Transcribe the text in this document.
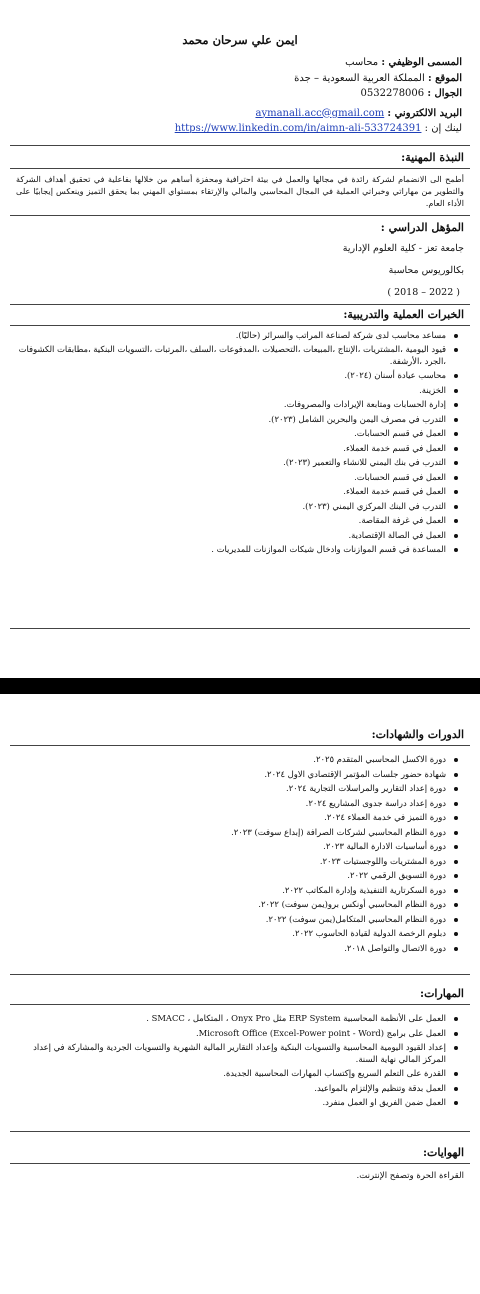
ايمن علي سرحان محمد
المسمى الوظيفي : محاسب
الموقع : المملكة العربية السعودية – جدة
الجوال : 0532278006
البريد الالكتروني : aymanali.acc@gmail.com
لينك إن : https://www.linkedin.com/in/aimn-ali-533724391
النبذة المهنية:
أطمح الى الانضمام لشركة رائدة في مجالها والعمل في بيئة احترافية ومحفزة أساهم من خلالها بفاعلية في تحقيق أهداف الشركة والتطوير من مهاراتي وخبراتي العملية في المجال المحاسبي والمالي والإرتقاء بمستواي المهني بما يحقق التميز وينعكس إيجابيًا على الأداء العام.
المؤهل الدراسي :
جامعة تعز - كلية العلوم الإدارية
بكالوريوس محاسبة
( 2022 – 2018 )
الخبرات العملية والتدريبية:
مساعد محاسب لدى شركة لصناعة المراتب والسرائر (حاليًا).
قيود اليومية ،المشتريات ،الإنتاج ،المبيعات ،التحصيلات ،المدفوعات ،السلف ،المرتبات ،التسويات البنكية ،مطابقات الكشوفات ،الجرد ،الأرشفة.
محاسب عيادة أسنان (٢٠٢٤).
الخزينة.
إدارة الحسابات ومتابعة الإيرادات والمصروفات.
التدرب في مصرف اليمن والبحرين الشامل (٢٠٢٣).
العمل في قسم الحسابات.
العمل في قسم خدمة العملاء.
التدرب في بنك اليمني للانشاء والتعمير (٢٠٢٣).
العمل في قسم الحسابات.
العمل في قسم خدمة العملاء.
التدرب في البنك المركزي اليمني (٢٠٢٣).
العمل في غرفة المقاصة.
العمل في الصالة الإقتصادية.
المساعدة في قسم الموازنات وادخال شيكات الموازنات للمديريات .
الدورات والشهادات:
دورة الاكسل المحاسبي المتقدم ٢٠٢٥.
شهادة حضور جلسات المؤتمر الإقتصادي الاول ٢٠٢٤.
دورة إعداد التقارير والمراسلات التجارية ٢٠٢٤.
دورة إعداد دراسة جدوى المشاريع ٢٠٢٤.
دورة التميز في خدمة العملاء ٢٠٢٤.
دورة النظام المحاسبي لشركات الصرافة (إبداع سوفت) ٢٠٢٣.
دورة أساسيات الادارة المالية ٢٠٢٣.
دورة المشتريات واللوجستيات ٢٠٢٣.
دورة التسويق الرقمي ٢٠٢٢.
دورة السكرتارية التنفيذية وإدارة المكاتب ٢٠٢٢.
دورة النظام المحاسبي أونكس برو(يمن سوفت) ٢٠٢٢.
دورة النظام المحاسبي المتكامل(يمن سوفت) ٢٠٢٢.
دبلوم الرخصة الدولية لقيادة الحاسوب ٢٠٢٢.
دورة الاتصال والتواصل ٢٠١٨.
المهارات:
العمل على الأنظمة المحاسبية ERP System مثل Onyx Pro ، المتكامل ، SMACC .
العمل على برامج Microsoft Office (Excel-Power point - Word).
إعداد القيود اليومية المحاسبية والتسويات البنكية وإعداد التقارير المالية الشهرية والتسويات الجردية والمشاركة في إعداد المركز المالي نهاية السنة.
القدرة على التعلم السريع وإكتساب المهارات المحاسبية الجديدة.
العمل بدقة وتنظيم والإلتزام بالمواعيد.
العمل ضمن الفريق او العمل منفرد.
الهوايات:
القراءة الحرة وتصفح الإنترنت.
